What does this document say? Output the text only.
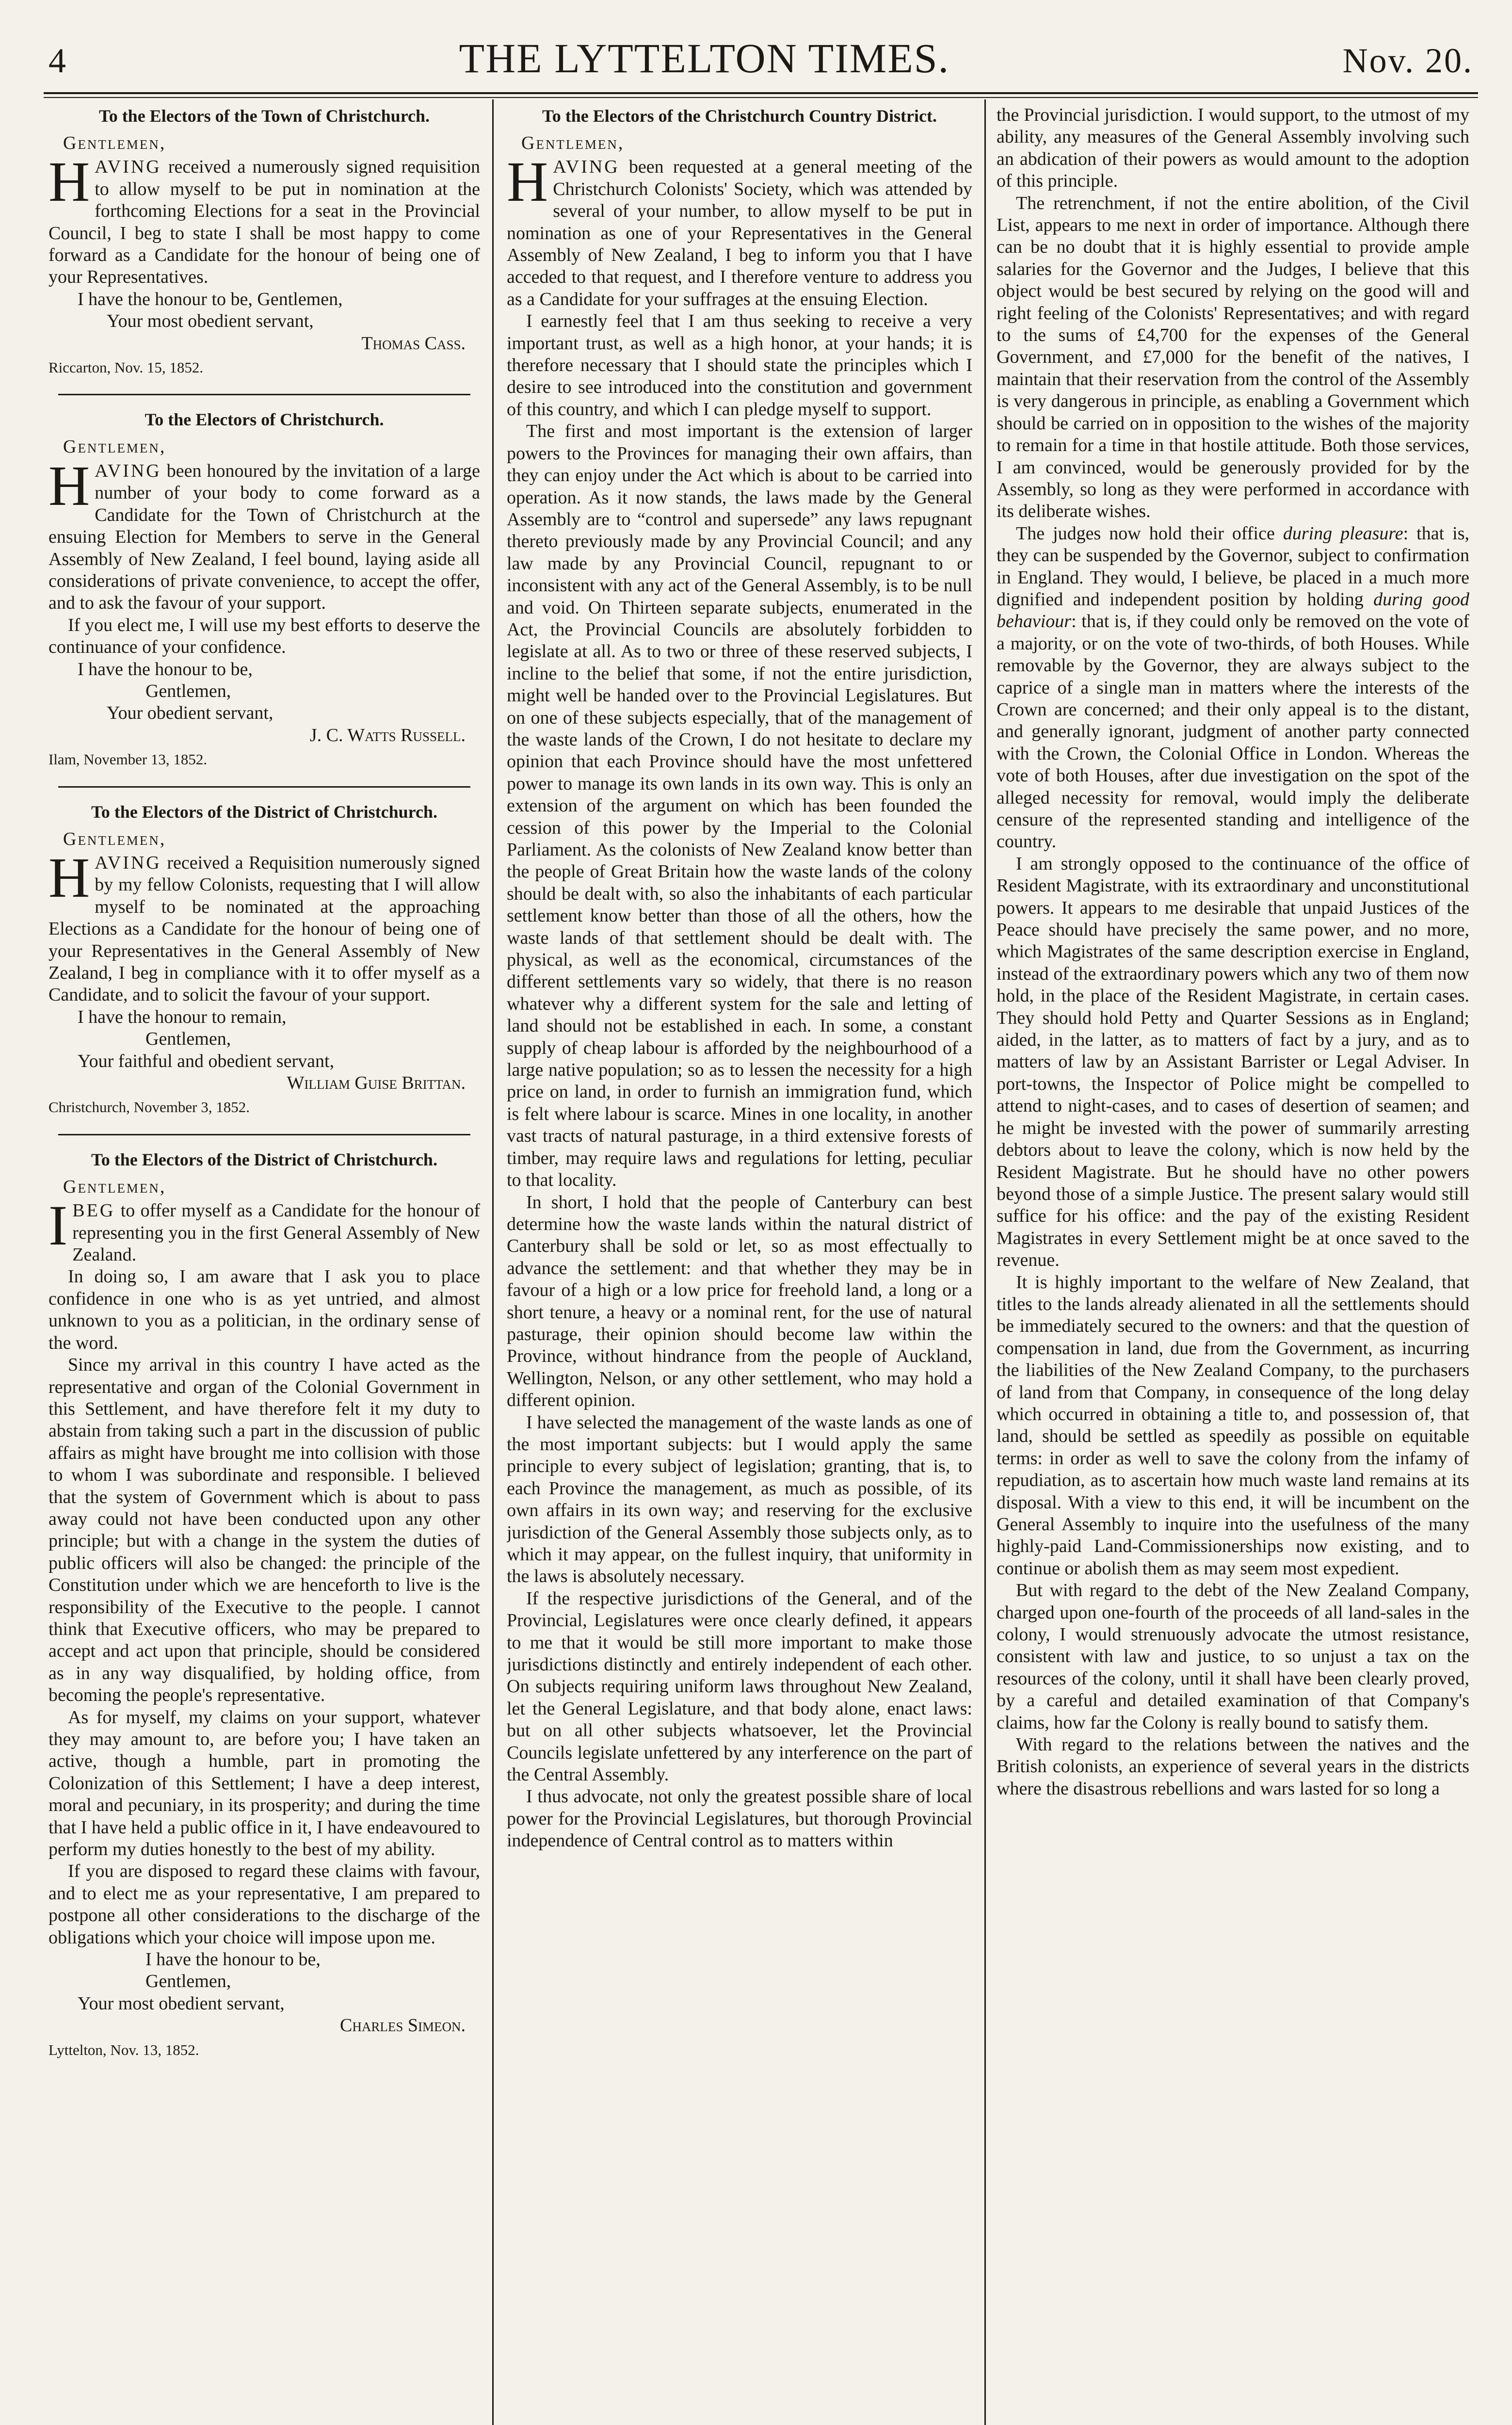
4	THE LYTTELTON TIMES.	Nov. 20.
To the Electors of the Town of Christchurch.
Gentlemen,

HAVING received a numerously signed requisition to allow myself to be put in nomination at the forthcoming Elections for a seat in the Provincial Council, I beg to state I shall be most happy to come forward as a Candidate for the honour of being one of your Representatives.

I have the honour to be, Gentlemen,
Your most obedient servant,
Thomas Cass.
Riccarton, Nov. 15, 1852.
To the Electors of Christchurch.
Gentlemen,

HAVING been honoured by the invitation of a large number of your body to come forward as a Candidate for the Town of Christchurch at the ensuing Election for Members to serve in the General Assembly of New Zealand, I feel bound, laying aside all considerations of private convenience, to accept the offer, and to ask the favour of your support.

If you elect me, I will use my best efforts to deserve the continuance of your confidence.

I have the honour to be,
Gentlemen,
Your obedient servant,
J. C. Watts Russell.
Ilam, November 13, 1852.
To the Electors of the District of Christchurch.
Gentlemen,

HAVING received a Requisition numerously signed by my fellow Colonists, requesting that I will allow myself to be nominated at the approaching Elections as a Candidate for the honour of being one of your Representatives in the General Assembly of New Zealand, I beg in compliance with it to offer myself as a Candidate, and to solicit the favour of your support.

I have the honour to remain,
Gentlemen,
Your faithful and obedient servant,
William Guise Brittan.
Christchurch, November 3, 1852.
To the Electors of the District of Christchurch.
Gentlemen,

IBEG to offer myself as a Candidate for the honour of representing you in the first General Assembly of New Zealand.

In doing so, I am aware that I ask you to place confidence in one who is as yet untried, and almost unknown to you as a politician, in the ordinary sense of the word.

Since my arrival in this country I have acted as the representative and organ of the Colonial Government in this Settlement, and have therefore felt it my duty to abstain from taking such a part in the discussion of public affairs as might have brought me into collision with those to whom I was subordinate and responsible. I believed that the system of Government which is about to pass away could not have been conducted upon any other principle; but with a change in the system the duties of public officers will also be changed: the principle of the Constitution under which we are henceforth to live is the responsibility of the Executive to the people. I cannot think that Executive officers, who may be prepared to accept and act upon that principle, should be considered as in any way disqualified, by holding office, from becoming the people's representative.

As for myself, my claims on your support, whatever they may amount to, are before you; I have taken an active, though a humble, part in promoting the Colonization of this Settlement; I have a deep interest, moral and pecuniary, in its prosperity; and during the time that I have held a public office in it, I have endeavoured to perform my duties honestly to the best of my ability.

If you are disposed to regard these claims with favour, and to elect me as your representative, I am prepared to postpone all other considerations to the discharge of the obligations which your choice will impose upon me.

I have the honour to be,
Gentlemen,
Your most obedient servant,
Charles Simeon.
Lyttelton, Nov. 13, 1852.
To the Electors of the Christchurch Country District.
Gentlemen,

HAVING been requested at a general meeting of the Christchurch Colonists' Society, which was attended by several of your number, to allow myself to be put in nomination as one of your Representatives in the General Assembly of New Zealand, I beg to inform you that I have acceded to that request, and I therefore venture to address you as a Candidate for your suffrages at the ensuing Election.

I earnestly feel that I am thus seeking to receive a very important trust, as well as a high honor, at your hands; it is therefore necessary that I should state the principles which I desire to see introduced into the constitution and government of this country, and which I can pledge myself to support.

The first and most important is the extension of larger powers to the Provinces for managing their own affairs, than they can enjoy under the Act which is about to be carried into operation. As it now stands, the laws made by the General Assembly are to “control and supersede” any laws repugnant thereto previously made by any Provincial Council; and any law made by any Provincial Council, repugnant to or inconsistent with any act of the General Assembly, is to be null and void. On Thirteen separate subjects, enumerated in the Act, the Provincial Councils are absolutely forbidden to legislate at all. As to two or three of these reserved subjects, I incline to the belief that some, if not the entire jurisdiction, might well be handed over to the Provincial Legislatures. But on one of these subjects especially, that of the management of the waste lands of the Crown, I do not hesitate to declare my opinion that each Province should have the most unfettered power to manage its own lands in its own way. This is only an extension of the argument on which has been founded the cession of this power by the Imperial to the Colonial Parliament. As the colonists of New Zealand know better than the people of Great Britain how the waste lands of the colony should be dealt with, so also the inhabitants of each particular settlement know better than those of all the others, how the waste lands of that settlement should be dealt with. The physical, as well as the economical, circumstances of the different settlements vary so widely, that there is no reason whatever why a different system for the sale and letting of land should not be established in each. In some, a constant supply of cheap labour is afforded by the neighbourhood of a large native population; so as to lessen the necessity for a high price on land, in order to furnish an immigration fund, which is felt where labour is scarce. Mines in one locality, in another vast tracts of natural pasturage, in a third extensive forests of timber, may require laws and regulations for letting, peculiar to that locality.

In short, I hold that the people of Canterbury can best determine how the waste lands within the natural district of Canterbury shall be sold or let, so as most effectually to advance the settlement: and that whether they may be in favour of a high or a low price for freehold land, a long or a short tenure, a heavy or a nominal rent, for the use of natural pasturage, their opinion should become law within the Province, without hindrance from the people of Auckland, Wellington, Nelson, or any other settlement, who may hold a different opinion.

I have selected the management of the waste lands as one of the most important subjects: but I would apply the same principle to every subject of legislation; granting, that is, to each Province the management, as much as possible, of its own affairs in its own way; and reserving for the exclusive jurisdiction of the General Assembly those subjects only, as to which it may appear, on the fullest inquiry, that uniformity in the laws is absolutely necessary.

If the respective jurisdictions of the General, and of the Provincial, Legislatures were once clearly defined, it appears to me that it would be still more important to make those jurisdictions distinctly and entirely independent of each other. On subjects requiring uniform laws throughout New Zealand, let the General Legislature, and that body alone, enact laws: but on all other subjects whatsoever, let the Provincial Councils legislate unfettered by any interference on the part of the Central Assembly.

I thus advocate, not only the greatest possible share of local power for the Provincial Legislatures, but thorough Provincial independence of Central control as to matters within

the Provincial jurisdiction. I would support, to the utmost of my ability, any measures of the General Assembly involving such an abdication of their powers as would amount to the adoption of this principle.

The retrenchment, if not the entire abolition, of the Civil List, appears to me next in order of importance. Although there can be no doubt that it is highly essential to provide ample salaries for the Governor and the Judges, I believe that this object would be best secured by relying on the good will and right feeling of the Colonists' Representatives; and with regard to the sums of £4,700 for the expenses of the General Government, and £7,000 for the benefit of the natives, I maintain that their reservation from the control of the Assembly is very dangerous in principle, as enabling a Government which should be carried on in opposition to the wishes of the majority to remain for a time in that hostile attitude. Both those services, I am convinced, would be generously provided for by the Assembly, so long as they were performed in accordance with its deliberate wishes.

The judges now hold their office during pleasure: that is, they can be suspended by the Governor, subject to confirmation in England. They would, I believe, be placed in a much more dignified and independent position by holding during good behaviour: that is, if they could only be removed on the vote of a majority, or on the vote of two-thirds, of both Houses. While removable by the Governor, they are always subject to the caprice of a single man in matters where the interests of the Crown are concerned; and their only appeal is to the distant, and generally ignorant, judgment of another party connected with the Crown, the Colonial Office in London. Whereas the vote of both Houses, after due investigation on the spot of the alleged necessity for removal, would imply the deliberate censure of the represented standing and intelligence of the country.

I am strongly opposed to the continuance of the office of Resident Magistrate, with its extraordinary and unconstitutional powers. It appears to me desirable that unpaid Justices of the Peace should have precisely the same power, and no more, which Magistrates of the same description exercise in England, instead of the extraordinary powers which any two of them now hold, in the place of the Resident Magistrate, in certain cases. They should hold Petty and Quarter Sessions as in England; aided, in the latter, as to matters of fact by a jury, and as to matters of law by an Assistant Barrister or Legal Adviser. In port-towns, the Inspector of Police might be compelled to attend to night-cases, and to cases of desertion of seamen; and he might be invested with the power of summarily arresting debtors about to leave the colony, which is now held by the Resident Magistrate. But he should have no other powers beyond those of a simple Justice. The present salary would still suffice for his office: and the pay of the existing Resident Magistrates in every Settlement might be at once saved to the revenue.

It is highly important to the welfare of New Zealand, that titles to the lands already alienated in all the settlements should be immediately secured to the owners: and that the question of compensation in land, due from the Government, as incurring the liabilities of the New Zealand Company, to the purchasers of land from that Company, in consequence of the long delay which occurred in obtaining a title to, and possession of, that land, should be settled as speedily as possible on equitable terms: in order as well to save the colony from the infamy of repudiation, as to ascertain how much waste land remains at its disposal. With a view to this end, it will be incumbent on the General Assembly to inquire into the usefulness of the many highly-paid Land-Commissionerships now existing, and to continue or abolish them as may seem most expedient.

But with regard to the debt of the New Zealand Company, charged upon one-fourth of the proceeds of all land-sales in the colony, I would strenuously advocate the utmost resistance, consistent with law and justice, to so unjust a tax on the resources of the colony, until it shall have been clearly proved, by a careful and detailed examination of that Company's claims, how far the Colony is really bound to satisfy them.

With regard to the relations between the natives and the British colonists, an experience of several years in the districts where the disastrous rebellions and wars lasted for so long a
